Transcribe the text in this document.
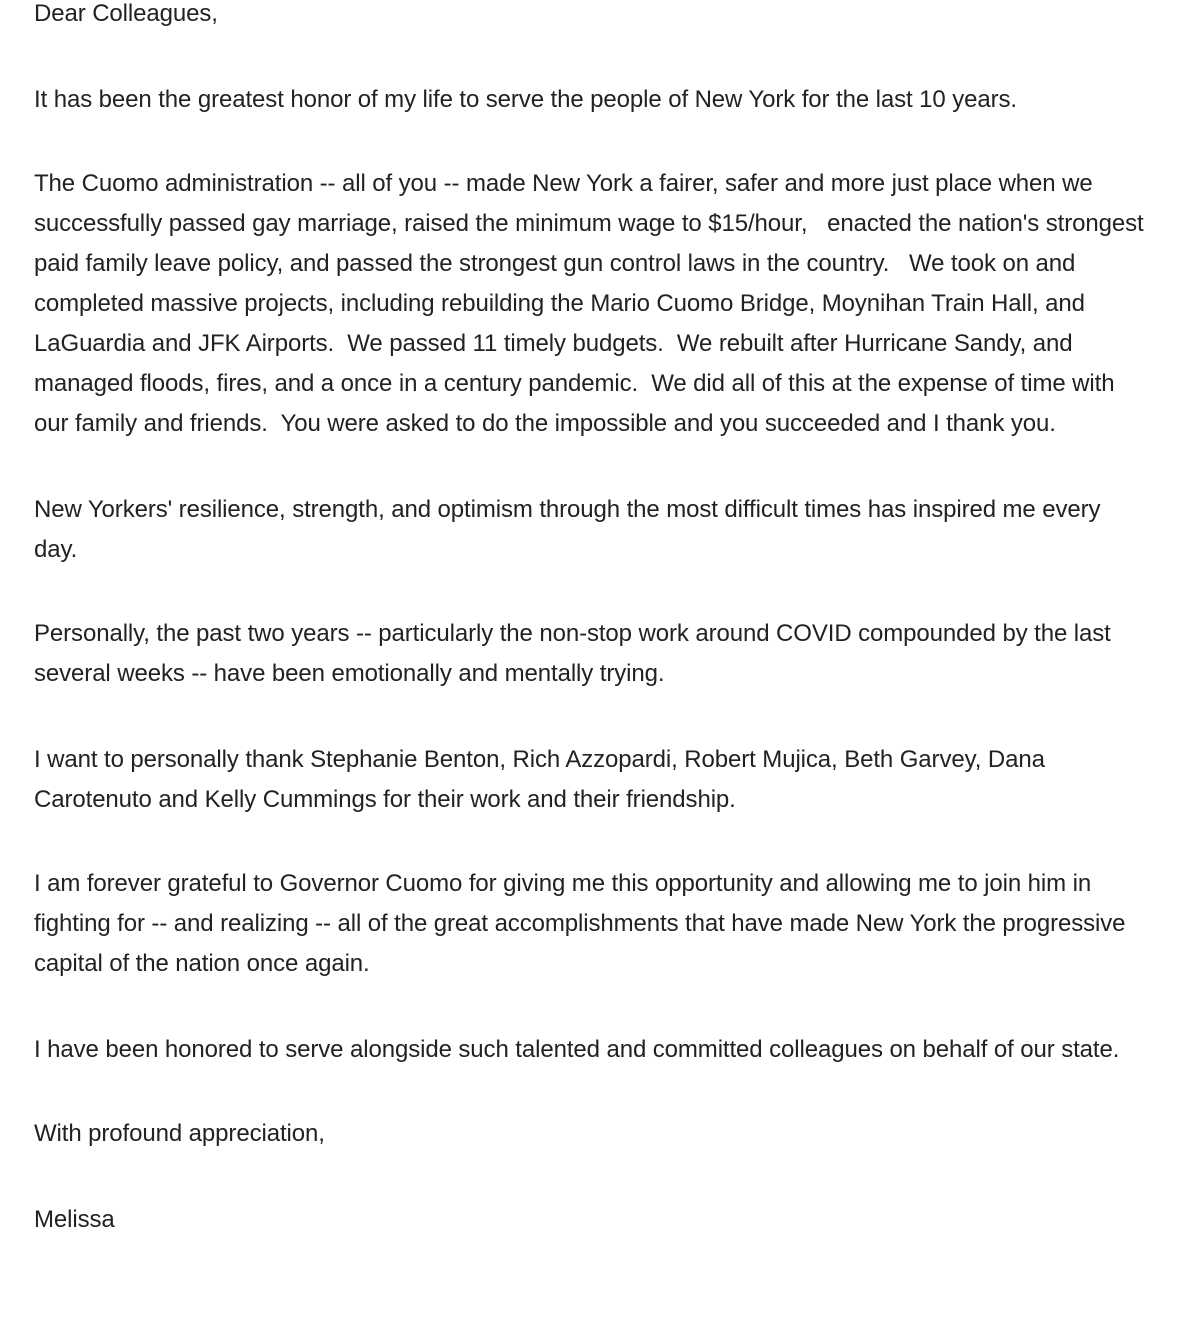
Dear Colleagues,

It has been the greatest honor of my life to serve the people of New York for the last 10 years.

The Cuomo administration -- all of you -- made New York a fairer, safer and more just place when we successfully passed gay marriage, raised the minimum wage to $15/hour,   enacted the nation's strongest paid family leave policy, and passed the strongest gun control laws in the country.   We took on and completed massive projects, including rebuilding the Mario Cuomo Bridge, Moynihan Train Hall, and LaGuardia and JFK Airports.  We passed 11 timely budgets.  We rebuilt after Hurricane Sandy, and managed floods, fires, and a once in a century pandemic.  We did all of this at the expense of time with our family and friends.  You were asked to do the impossible and you succeeded and I thank you.

New Yorkers' resilience, strength, and optimism through the most difficult times has inspired me every day.

Personally, the past two years -- particularly the non-stop work around COVID compounded by the last several weeks -- have been emotionally and mentally trying.

I want to personally thank Stephanie Benton, Rich Azzopardi, Robert Mujica, Beth Garvey, Dana Carotenuto and Kelly Cummings for their work and their friendship.

I am forever grateful to Governor Cuomo for giving me this opportunity and allowing me to join him in fighting for -- and realizing -- all of the great accomplishments that have made New York the progressive capital of the nation once again.

I have been honored to serve alongside such talented and committed colleagues on behalf of our state.

With profound appreciation,

Melissa
